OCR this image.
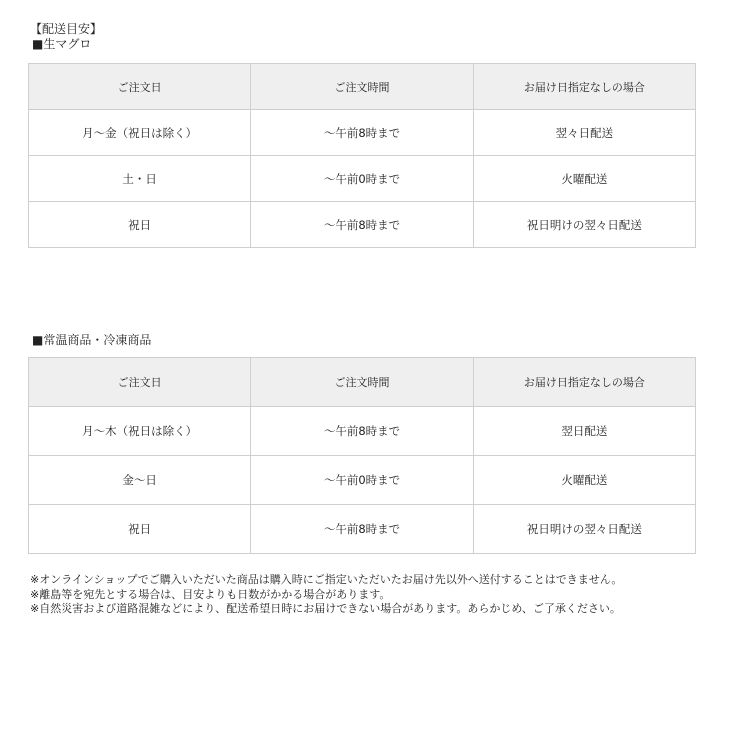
【配送目安】
■生マグロ
ご注文日	ご注文時間	お届け日指定なしの場合
月～金（祝日は除く）	～午前8時まで	翌々日配送
土・日	～午前0時まで	火曜配送
祝日	～午前8時まで	祝日明けの翌々日配送
■常温商品・冷凍商品
ご注文日	ご注文時間	お届け日指定なしの場合
月～木（祝日は除く）	～午前8時まで	翌日配送
金～日	～午前0時まで	火曜配送
祝日	～午前8時まで	祝日明けの翌々日配送
※オンラインショップでご購入いただいた商品は購入時にご指定いただいたお届け先以外へ送付することはできません。
※離島等を宛先とする場合は、目安よりも日数がかかる場合があります。
※自然災害および道路混雑などにより、配送希望日時にお届けできない場合があります。あらかじめ、ご了承ください。
